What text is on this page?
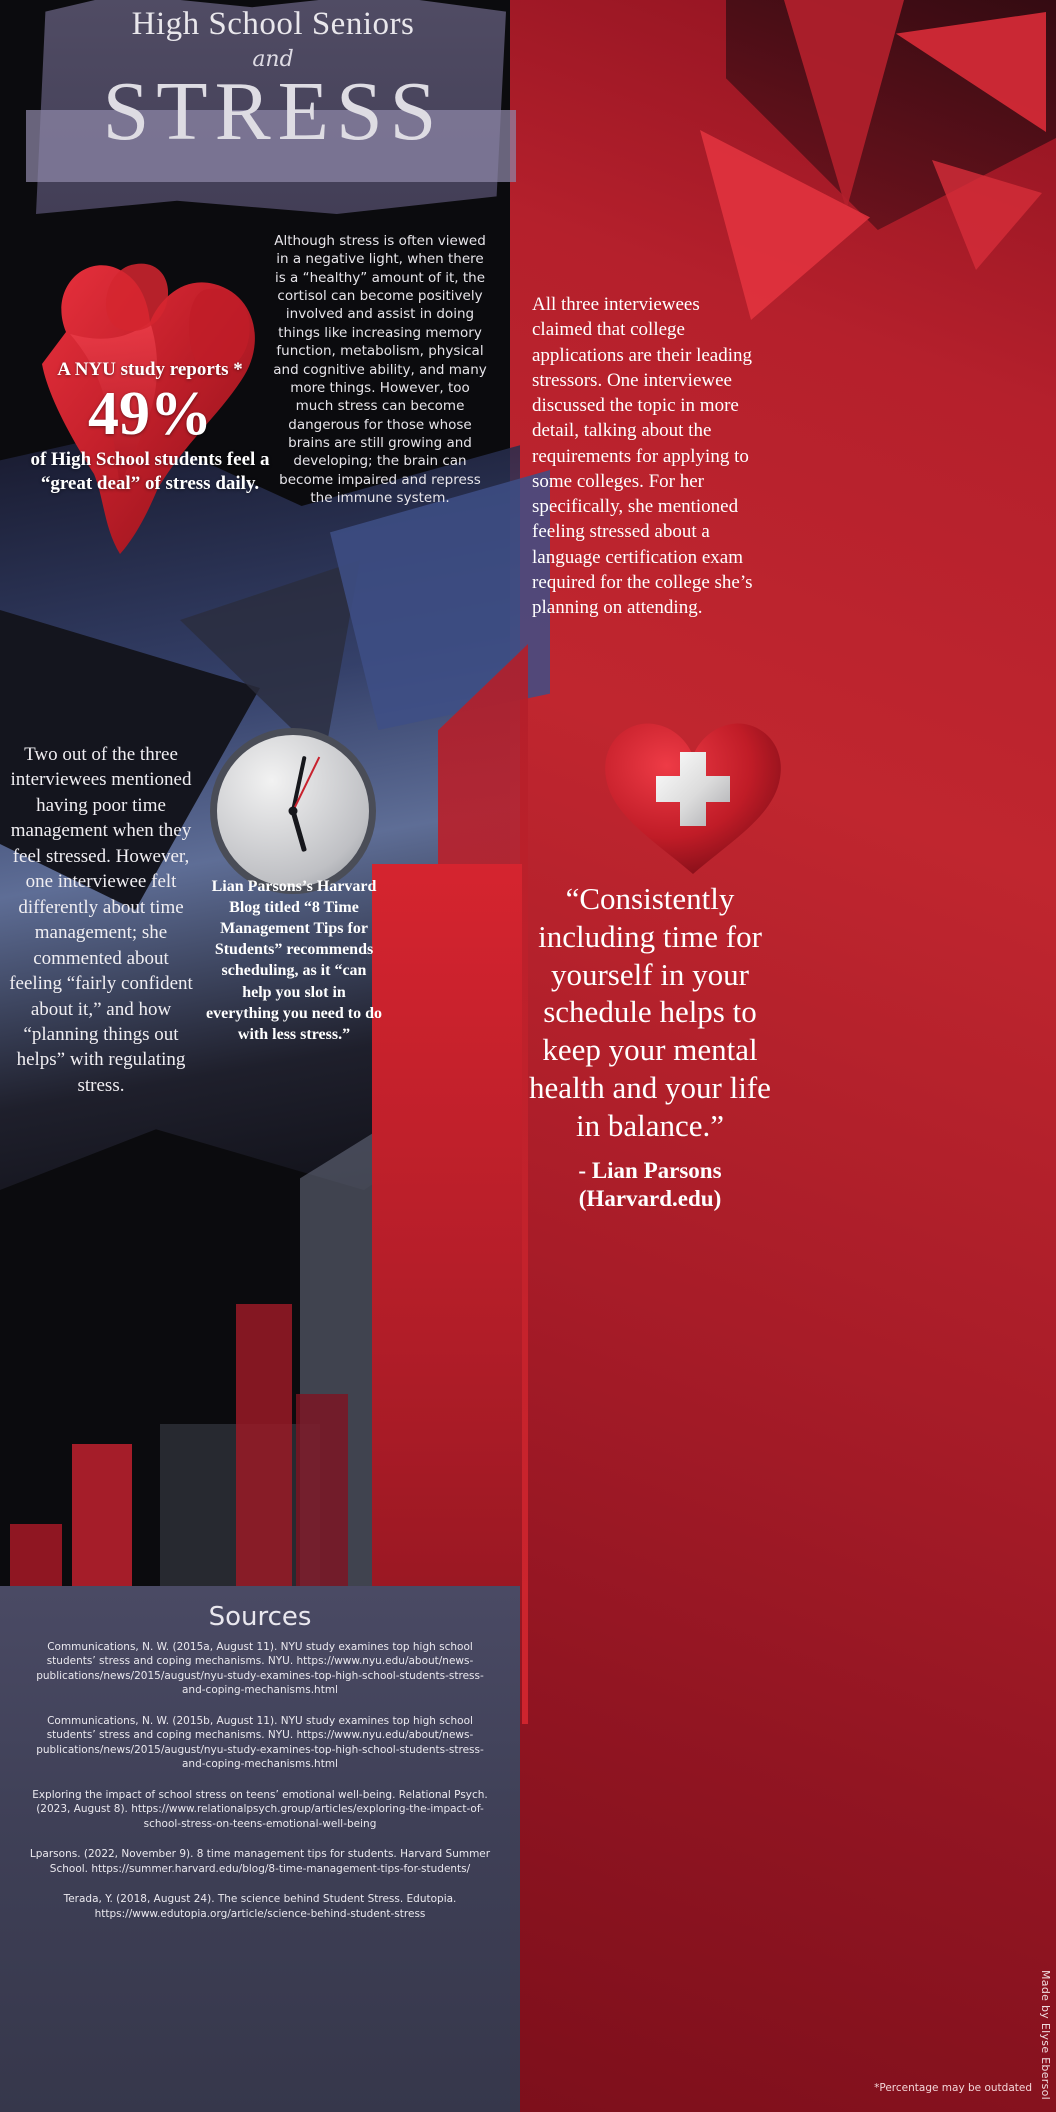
High School Seniors
and
STRESS
A NYU study reports *
49%
of High School students feel a “great deal” of stress daily.
Although stress is often viewed in a negative light, when there is a “healthy” amount of it, the cortisol can become positively involved and assist in doing things like increasing memory function, metabolism, physical and cognitive ability, and many more things. However, too much stress can become dangerous for those whose brains are still growing and developing; the brain can become impaired and repress the immune system.
All three interviewees claimed that college applications are their leading stressors. One interviewee discussed the topic in more detail, talking about the requirements for applying to some colleges. For her specifically, she mentioned feeling stressed about a language certification exam required for the college she’s planning on attending.
Two out of the three interviewees mentioned having poor time management when they feel stressed. However, one interviewee felt differently about time management; she commented about feeling “fairly confident about it,” and how “planning things out helps” with regulating stress.
Lian Parsons’s Harvard Blog titled “8 Time Management Tips for Students” recommends scheduling, as it “can help you slot in everything you need to do with less stress.”
“Consistently including time for yourself in your schedule helps to keep your mental health and your life in balance.”
- Lian Parsons (Harvard.edu)
Sources
Communications, N. W. (2015a, August 11). NYU study examines top high school students’ stress and coping mechanisms. NYU. https://www.nyu.edu/about/news-publications/news/2015/august/nyu-study-examines-top-high-school-students-stress-and-coping-mechanisms.html
Communications, N. W. (2015b, August 11). NYU study examines top high school students’ stress and coping mechanisms. NYU. https://www.nyu.edu/about/news-publications/news/2015/august/nyu-study-examines-top-high-school-students-stress-and-coping-mechanisms.html
Exploring the impact of school stress on teens’ emotional well-being. Relational Psych. (2023, August 8). https://www.relationalpsych.group/articles/exploring-the-impact-of-school-stress-on-teens-emotional-well-being
Lparsons. (2022, November 9). 8 time management tips for students. Harvard Summer School. https://summer.harvard.edu/blog/8-time-management-tips-for-students/
Terada, Y. (2018, August 24). The science behind Student Stress. Edutopia. https://www.edutopia.org/article/science-behind-student-stress
*Percentage may be outdated Made by Elyse Ebersol
